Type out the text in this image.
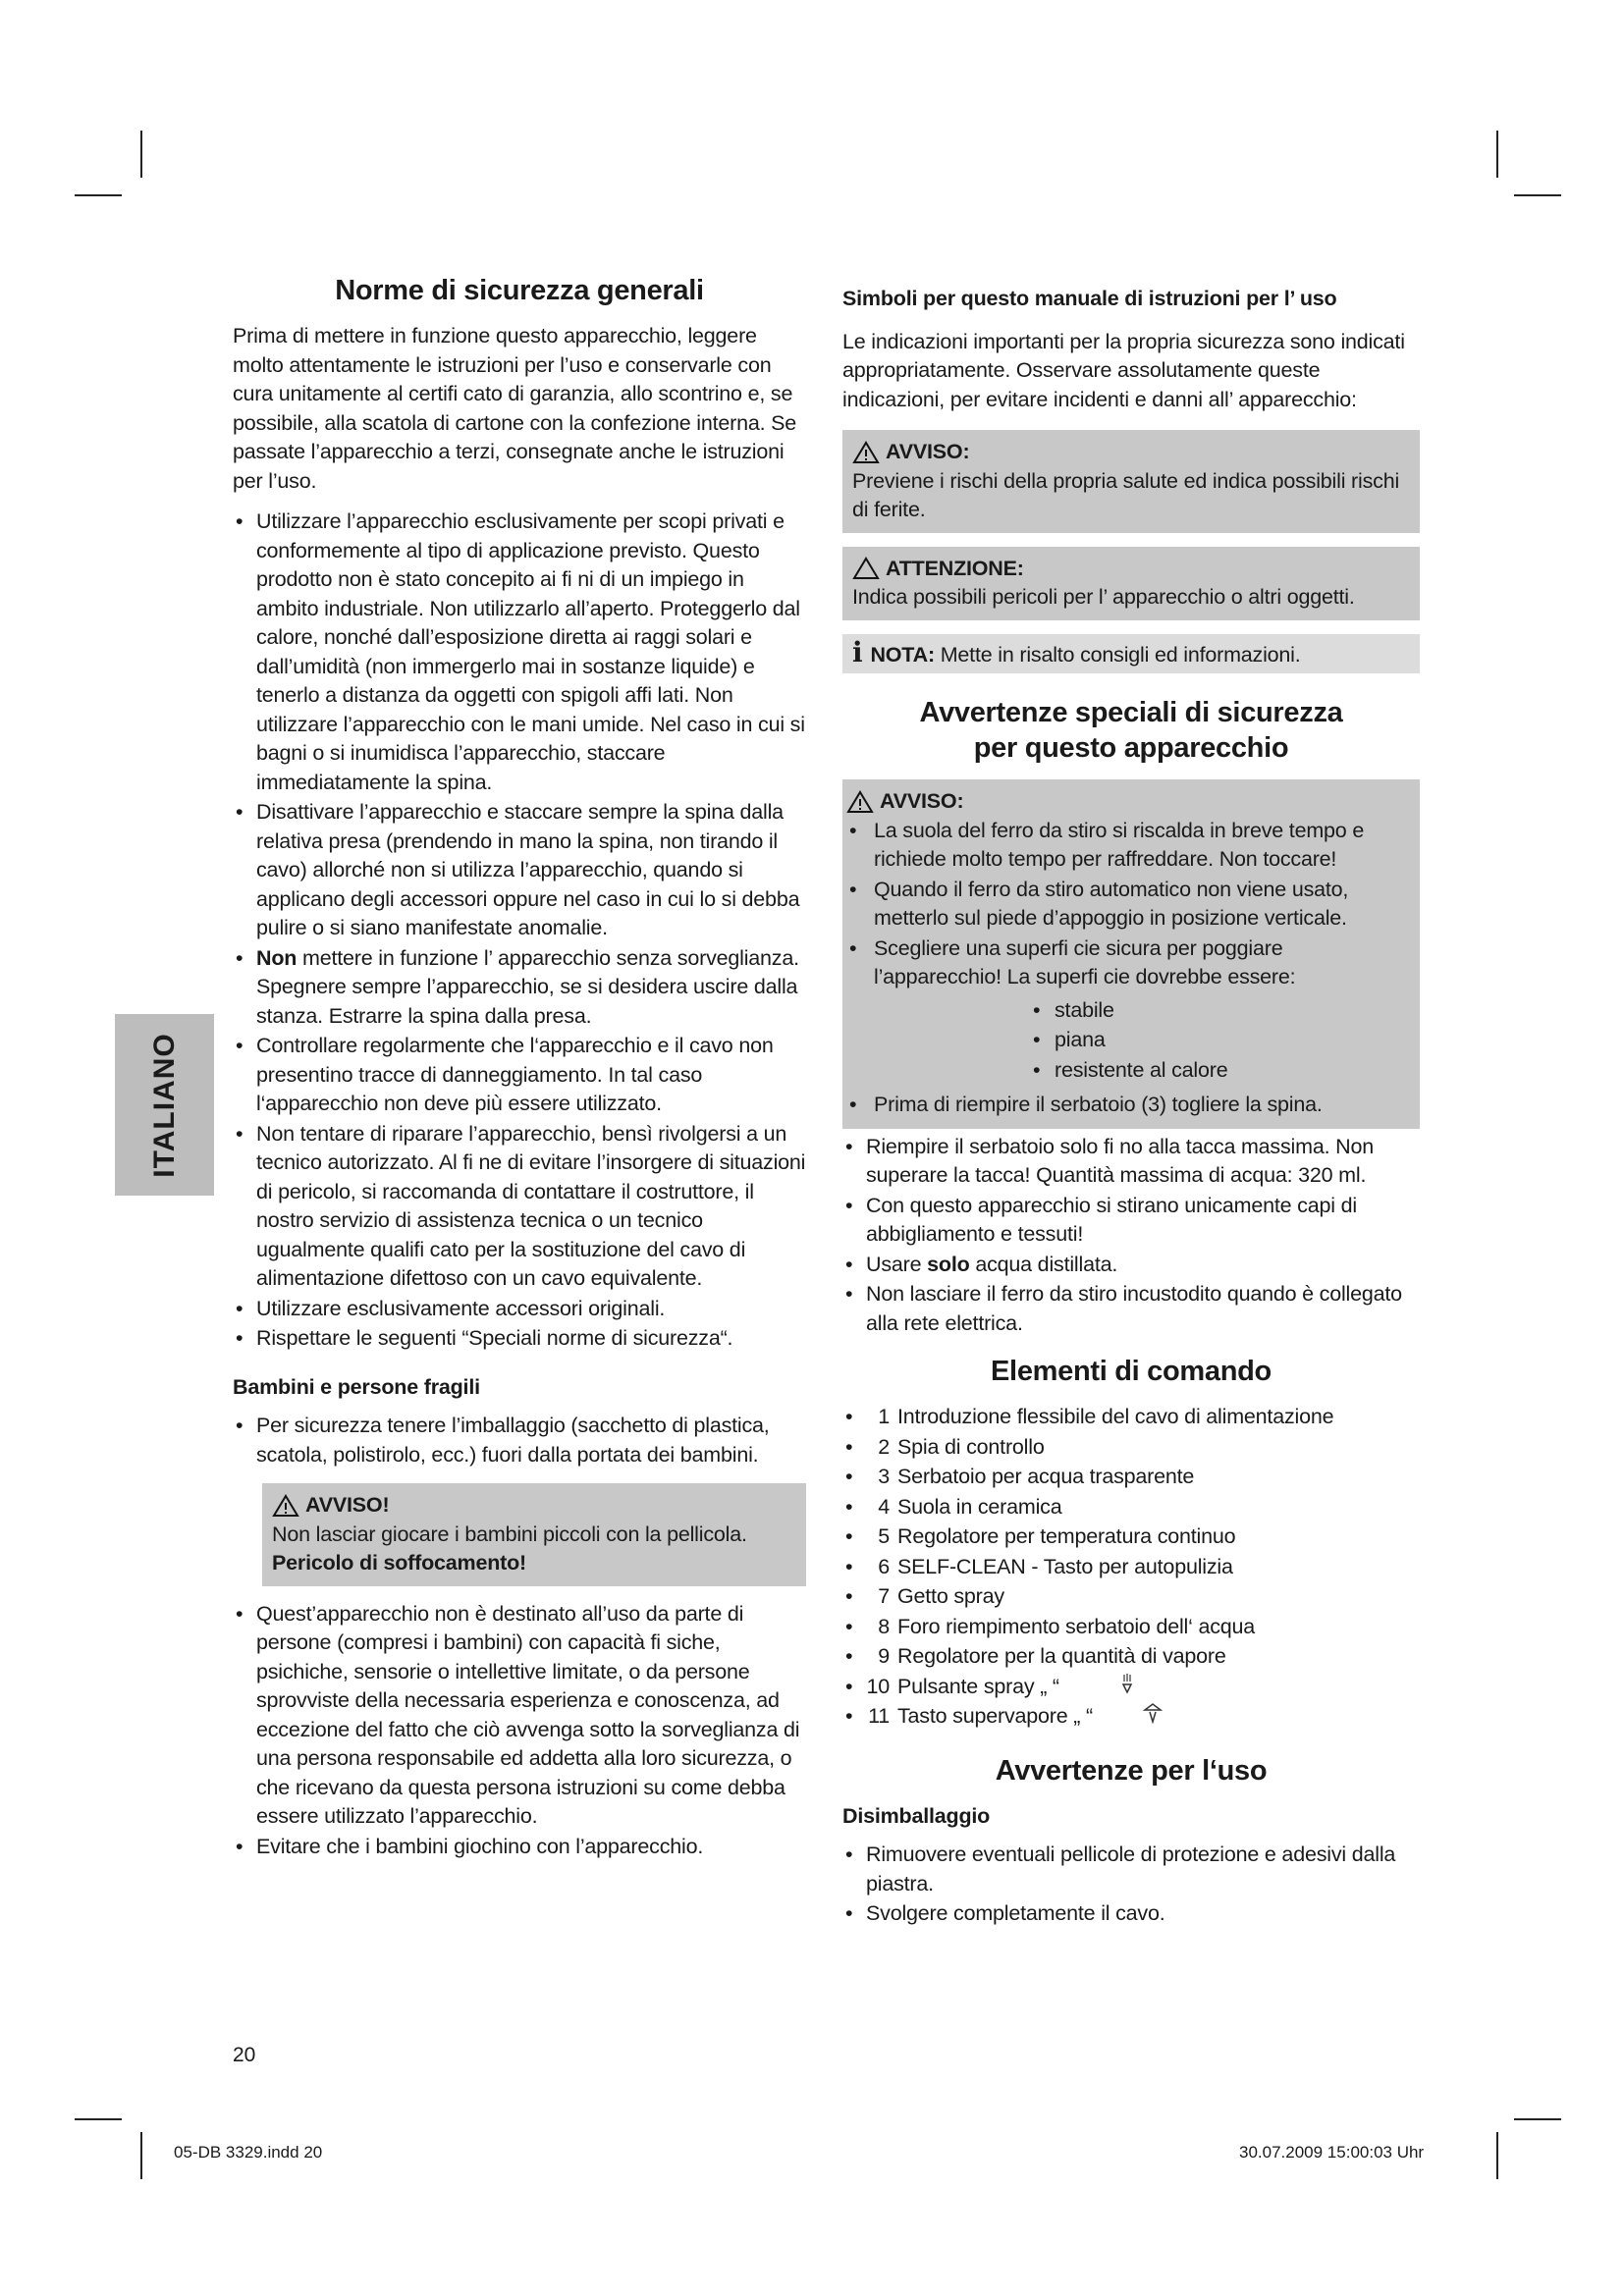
ITALIANO
Norme di sicurezza generali

Prima di mettere in funzione questo apparecchio, leggere molto attentamente le istruzioni per l’uso e conservarle con cura unitamente al certifi cato di garanzia, allo scontrino e, se possibile, alla scatola di cartone con la confezione interna. Se passate l’apparecchio a terzi, consegnate anche le istruzioni per l’uso.

• Utilizzare l’apparecchio esclusivamente per scopi privati e conformemente al tipo di applicazione previsto. Questo prodotto non è stato concepito ai fi ni di un impiego in ambito industriale. Non utilizzarlo all’aperto. Proteggerlo dal calore, nonché dall’esposizione diretta ai raggi solari e dall’umidità (non immergerlo mai in sostanze liquide) e tenerlo a distanza da oggetti con spigoli affi lati. Non utilizzare l’apparecchio con le mani umide. Nel caso in cui si bagni o si inumidisca l’apparecchio, staccare immediatamente la spina.
• Disattivare l’apparecchio e staccare sempre la spina dalla relativa presa (prendendo in mano la spina, non tirando il cavo) allorché non si utilizza l’apparecchio, quando si applicano degli accessori oppure nel caso in cui lo si debba pulire o si siano manifestate anomalie.
• Non mettere in funzione l’ apparecchio senza sorveglianza. Spegnere sempre l’apparecchio, se si desidera uscire dalla stanza. Estrarre la spina dalla presa.
• Controllare regolarmente che l‘apparecchio e il cavo non presentino tracce di danneggiamento. In tal caso l‘apparecchio non deve più essere utilizzato.
• Non tentare di riparare l’apparecchio, bensì rivolgersi a un tecnico autorizzato. Al fi ne di evitare l’insorgere di situazioni di pericolo, si raccomanda di contattare il costruttore, il nostro servizio di assistenza tecnica o un tecnico ugualmente qualifi cato per la sostituzione del cavo di alimentazione difettoso con un cavo equivalente.
• Utilizzare esclusivamente accessori originali.
• Rispettare le seguenti “Speciali norme di sicurezza“.
Bambini e persone fragili
• Per sicurezza tenere l’imballaggio (sacchetto di plastica, scatola, polistirolo, ecc.) fuori dalla portata dei bambini.
AVVISO!
Non lasciar giocare i bambini piccoli con la pellicola.
Pericolo di soffocamento!
• Quest’apparecchio non è destinato all’uso da parte di persone (compresi i bambini) con capacità fi siche, psichiche, sensorie o intellettive limitate, o da persone sprovviste della necessaria esperienza e conoscenza, ad eccezione del fatto che ciò avvenga sotto la sorveglianza di una persona responsabile ed addetta alla loro sicurezza, o che ricevano da questa persona istruzioni su come debba essere utilizzato l’apparecchio.
• Evitare che i bambini giochino con l’apparecchio.
Simboli per questo manuale di istruzioni per l’ uso

Le indicazioni importanti per la propria sicurezza sono indicati appropriatamente. Osservare assolutamente queste indicazioni, per evitare incidenti e danni all’ apparecchio:

AVVISO:
Previene i rischi della propria salute ed indica possibili rischi di ferite.
ATTENZIONE:
Indica possibili pericoli per l’ apparecchio o altri oggetti.
i NOTA: Mette in risalto consigli ed informazioni.
Avvertenze speciali di sicurezza
per questo apparecchio
AVVISO:
• La suola del ferro da stiro si riscalda in breve tempo e richiede molto tempo per raffreddare. Non toccare!
• Quando il ferro da stiro automatico non viene usato, metterlo sul piede d’appoggio in posizione verticale.
• Scegliere una superfi cie sicura per poggiare l’apparecchio! La superfi cie dovrebbe essere:
• stabile
• piana
• resistente al calore
• Prima di riempire il serbatoio (3) togliere la spina.
• Riempire il serbatoio solo fi no alla tacca massima. Non superare la tacca! Quantità massima di acqua: 320 ml.
• Con questo apparecchio si stirano unicamente capi di abbigliamento e tessuti!
• Usare solo acqua distillata.
• Non lasciare il ferro da stiro incustodito quando è collegato alla rete elettrica.
Elementi di comando
• 1 Introduzione flessibile del cavo di alimentazione
• 2 Spia di controllo
• 3 Serbatoio per acqua trasparente
• 4 Suola in ceramica
• 5 Regolatore per temperatura continuo
• 6 SELF-CLEAN - Tasto per autopulizia
• 7 Getto spray
• 8 Foro riempimento serbatoio dell‘ acqua
• 9 Regolatore per la quantità di vapore
• 10 Pulsante spray „ “
• 11 Tasto supervapore „ “
Avvertenze per l‘uso
Disimballaggio
• Rimuovere eventuali pellicole di protezione e adesivi dalla piastra.
• Svolgere completamente il cavo.
20
05-DB 3329.indd 20	30.07.2009 15:00:03 Uhr
